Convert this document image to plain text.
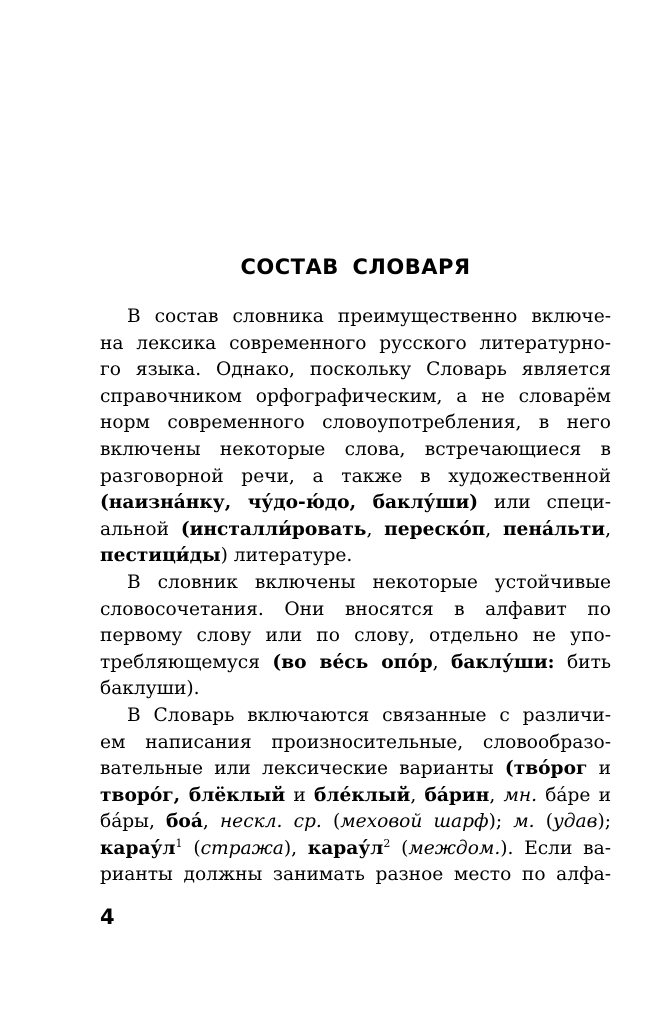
СОСТАВ СЛОВАРЯ
В состав словника преимущественно включе-
на лексика современного русского литературно-
го языка. Однако, поскольку Словарь является
справочником орфографическим, а не словарём
норм современного словоупотребления, в него
включены некоторые слова, встречающиеся в
разговорной речи, а также в художественной
(наизна́нку, чу́до-ю́до, баклу́ши) или специ-
альной (инсталли́ровать, переско́п, пена́льти,
пестици́ды) литературе.
В словник включены некоторые устойчивые
словосочетания. Они вносятся в алфавит по
первому слову или по слову, отдельно не упо-
требляющемуся (во ве́сь опо́р, баклу́ши: бить
баклуши).
В Словарь включаются связанные с различи-
ем написания произносительные, словообразо-
вательные или лексические варианты (тво́рог и
творо́г, блёклый и бле́клый, ба́рин, мн. ба́ре и
ба́ры, боа́, нескл. ср. (меховой шарф); м. (удав);
$карау́л^1$ (стража), $карау́л^2$ (междом.). Если ва-
рианты должны занимать разное место по алфа-
4
